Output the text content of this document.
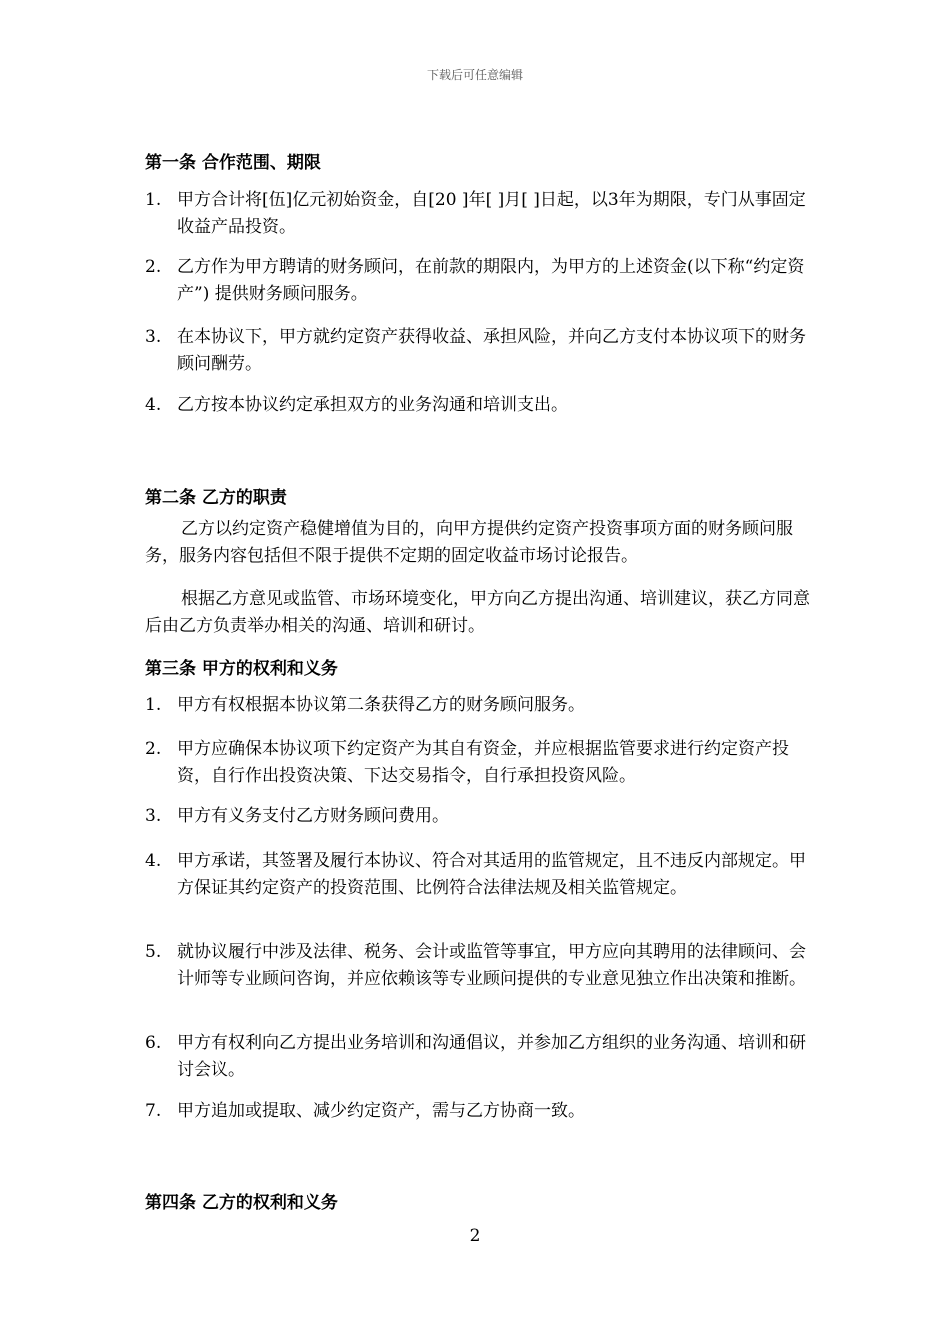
下载后可任意编辑
第一条 合作范围、期限
1. 甲方合计将[伍]亿元初始资金，自[20 ]年[ ]月[ ]日起，以3年为期限，专门从事固定收益产品投资。
2. 乙方作为甲方聘请的财务顾问，在前款的期限内，为甲方的上述资金(以下称“约定资产”) 提供财务顾问服务。
3. 在本协议下，甲方就约定资产获得收益、承担风险，并向乙方支付本协议项下的财务顾问酬劳。
4. 乙方按本协议约定承担双方的业务沟通和培训支出。
第二条 乙方的职责
乙方以约定资产稳健增值为目的，向甲方提供约定资产投资事项方面的财务顾问服务，服务内容包括但不限于提供不定期的固定收益市场讨论报告。
根据乙方意见或监管、市场环境变化，甲方向乙方提出沟通、培训建议，获乙方同意后由乙方负责举办相关的沟通、培训和研讨。
第三条 甲方的权利和义务
1. 甲方有权根据本协议第二条获得乙方的财务顾问服务。
2. 甲方应确保本协议项下约定资产为其自有资金，并应根据监管要求进行约定资产投资，自行作出投资决策、下达交易指令，自行承担投资风险。
3. 甲方有义务支付乙方财务顾问费用。
4. 甲方承诺，其签署及履行本协议、符合对其适用的监管规定，且不违反内部规定。甲方保证其约定资产的投资范围、比例符合法律法规及相关监管规定。
5. 就协议履行中涉及法律、税务、会计或监管等事宜，甲方应向其聘用的法律顾问、会计师等专业顾问咨询，并应依赖该等专业顾问提供的专业意见独立作出决策和推断。
6. 甲方有权利向乙方提出业务培训和沟通倡议，并参加乙方组织的业务沟通、培训和研讨会议。
7. 甲方追加或提取、减少约定资产，需与乙方协商一致。
第四条 乙方的权利和义务
2
